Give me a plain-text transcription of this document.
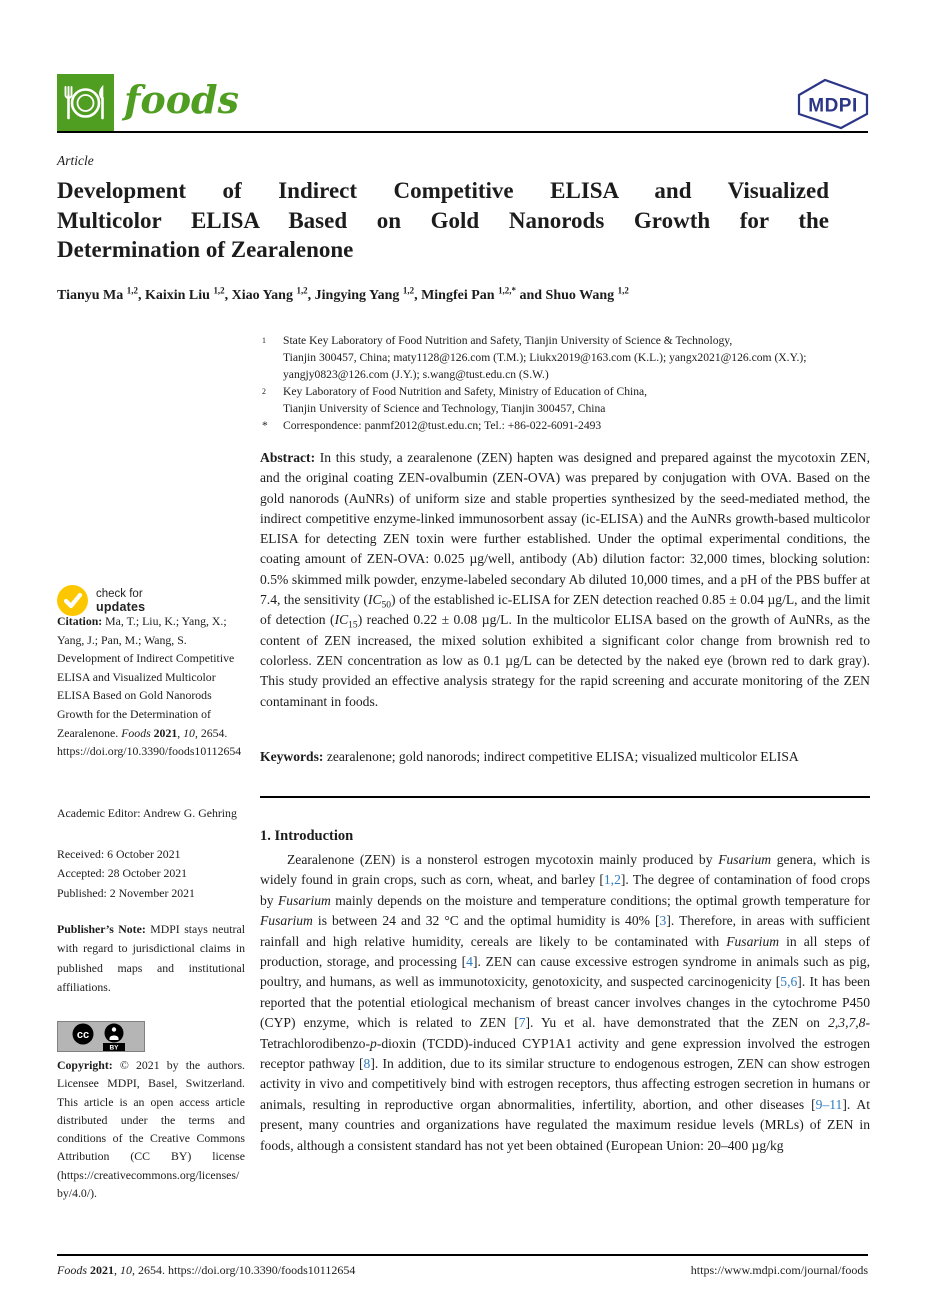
foods	MDPI
Article
Development of Indirect Competitive ELISA and Visualized
Multicolor ELISA Based on Gold Nanorods Growth for the
Determination of Zearalenone
Tianyu Ma $^{1,2}$, Kaixin Liu $^{1,2}$, Xiao Yang $^{1,2}$, Jingying Yang $^{1,2}$, Mingfei Pan $^{1,2,*}$ and Shuo Wang $^{1,2}$
$^1$	State Key Laboratory of Food Nutrition and Safety, Tianjin University of Science & Technology,
Tianjin 300457, China; maty1128@126.com (T.M.); Liukx2019@163.com (K.L.); yangx2021@126.com (X.Y.);
yangjy0823@126.com (J.Y.); s.wang@tust.edu.cn (S.W.)
$^2$	Key Laboratory of Food Nutrition and Safety, Ministry of Education of China,
Tianjin University of Science and Technology, Tianjin 300457, China
*	Correspondence: panmf2012@tust.edu.cn; Tel.: +86-022-6091-2493
Abstract: In this study, a zearalenone (ZEN) hapten was designed and prepared against the mycotoxin ZEN, and the original coating ZEN-ovalbumin (ZEN-OVA) was prepared by conjugation with OVA. Based on the gold nanorods (AuNRs) of uniform size and stable properties synthesized by the seed-mediated method, the indirect competitive enzyme-linked immunosorbent assay (ic-ELISA) and the AuNRs growth-based multicolor ELISA for detecting ZEN toxin were further established. Under the optimal experimental conditions, the coating amount of ZEN-OVA: 0.025 µg/well, antibody (Ab) dilution factor: 32,000 times, blocking solution: 0.5% skimmed milk powder, enzyme-labeled secondary Ab diluted 10,000 times, and a pH of the PBS buffer at 7.4, the sensitivity $(IC_{50})$ of the established ic-ELISA for ZEN detection reached 0.85 ± 0.04 µg/L, and the limit of detection $(IC_{15})$ reached 0.22 ± 0.08 µg/L. In the multicolor ELISA based on the growth of AuNRs, as the content of ZEN increased, the mixed solution exhibited a significant color change from brownish red to colorless. ZEN concentration as low as 0.1 µg/L can be detected by the naked eye (brown red to dark gray). This study provided an effective analysis strategy for the rapid screening and accurate monitoring of the ZEN contaminant in foods.
Keywords: zearalenone; gold nanorods; indirect competitive ELISA; visualized multicolor ELISA
1. Introduction
Zearalenone (ZEN) is a nonsterol estrogen mycotoxin mainly produced by Fusarium genera, which is widely found in grain crops, such as corn, wheat, and barley [1,2]. The degree of contamination of food crops by Fusarium mainly depends on the moisture and temperature conditions; the optimal growth temperature for Fusarium is between 24 and 32 °C and the optimal humidity is 40% [3]. Therefore, in areas with sufficient rainfall and high relative humidity, cereals are likely to be contaminated with Fusarium in all steps of production, storage, and processing [4]. ZEN can cause excessive estrogen syndrome in animals such as pig, poultry, and humans, as well as immunotoxicity, genotoxicity, and suspected carcinogenicity [5,6]. It has been reported that the potential etiological mechanism of breast cancer involves changes in the cytochrome P450 (CYP) enzyme, which is related to ZEN [7]. Yu et al. have demonstrated that the ZEN on 2,3,7,8-Tetrachlorodibenzo-p-dioxin (TCDD)-induced CYP1A1 activity and gene expression involved the estrogen receptor pathway [8]. In addition, due to its similar structure to endogenous estrogen, ZEN can show estrogen activity in vivo and competitively bind with estrogen receptors, thus affecting estrogen secretion in humans or animals, resulting in reproductive organ abnormalities, infertility, abortion, and other diseases [9–11]. At present, many countries and organizations have regulated the maximum residue levels (MRLs) of ZEN in foods, although a consistent standard has not yet been obtained (European Union: 20–400 µg/kg
check for
updates
Citation: Ma, T.; Liu, K.; Yang, X.; Yang, J.; Pan, M.; Wang, S. Development of Indirect Competitive ELISA and Visualized Multicolor ELISA Based on Gold Nanorods Growth for the Determination of Zearalenone. Foods 2021, 10, 2654. https://doi.org/10.3390/foods10112654
Academic Editor: Andrew G. Gehring
Received: 6 October 2021
Accepted: 28 October 2021
Published: 2 November 2021
Publisher’s Note: MDPI stays neutral with regard to jurisdictional claims in published maps and institutional affiliations.
cc
BY
Copyright: © 2021 by the authors. Licensee MDPI, Basel, Switzerland. This article is an open access article distributed under the terms and conditions of the Creative Commons Attribution (CC BY) license (https://creativecommons.org/licenses/by/4.0/).
Foods 2021, 10, 2654. https://doi.org/10.3390/foods10112654	https://www.mdpi.com/journal/foods
